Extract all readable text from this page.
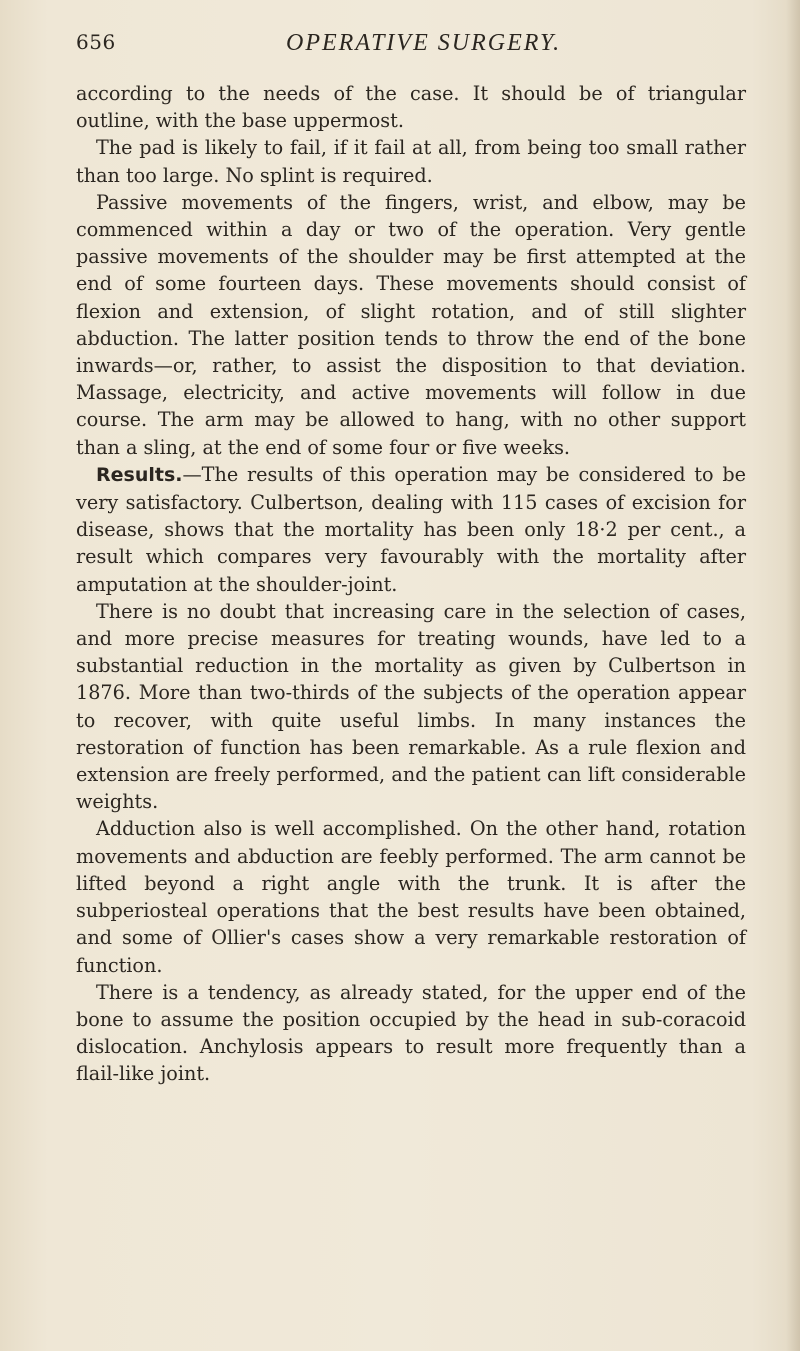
656	OPERATIVE SURGERY.

according to the needs of the case. It should be of triangular outline, with the base uppermost.

The pad is likely to fail, if it fail at all, from being too small rather than too large. No splint is required.

Passive movements of the fingers, wrist, and elbow, may be commenced within a day or two of the operation. Very gentle passive movements of the shoulder may be first attempted at the end of some fourteen days. These movements should consist of flexion and extension, of slight rotation, and of still slighter abduction. The latter position tends to throw the end of the bone inwards—or, rather, to assist the disposition to that deviation. Massage, electricity, and active movements will follow in due course. The arm may be allowed to hang, with no other support than a sling, at the end of some four or five weeks.

Results.—The results of this operation may be considered to be very satisfactory. Culbertson, dealing with 115 cases of excision for disease, shows that the mortality has been only 18·2 per cent., a result which compares very favourably with the mortality after amputation at the shoulder-joint.

There is no doubt that increasing care in the selection of cases, and more precise measures for treating wounds, have led to a substantial reduction in the mortality as given by Culbertson in 1876. More than two-thirds of the subjects of the operation appear to recover, with quite useful limbs. In many instances the restoration of function has been remarkable. As a rule flexion and extension are freely performed, and the patient can lift considerable weights.

Adduction also is well accomplished. On the other hand, rotation movements and abduction are feebly performed. The arm cannot be lifted beyond a right angle with the trunk. It is after the subperiosteal operations that the best results have been obtained, and some of Ollier's cases show a very remarkable restoration of function.

There is a tendency, as already stated, for the upper end of the bone to assume the position occupied by the head in sub-coracoid dislocation. Anchylosis appears to result more frequently than a flail-like joint.
